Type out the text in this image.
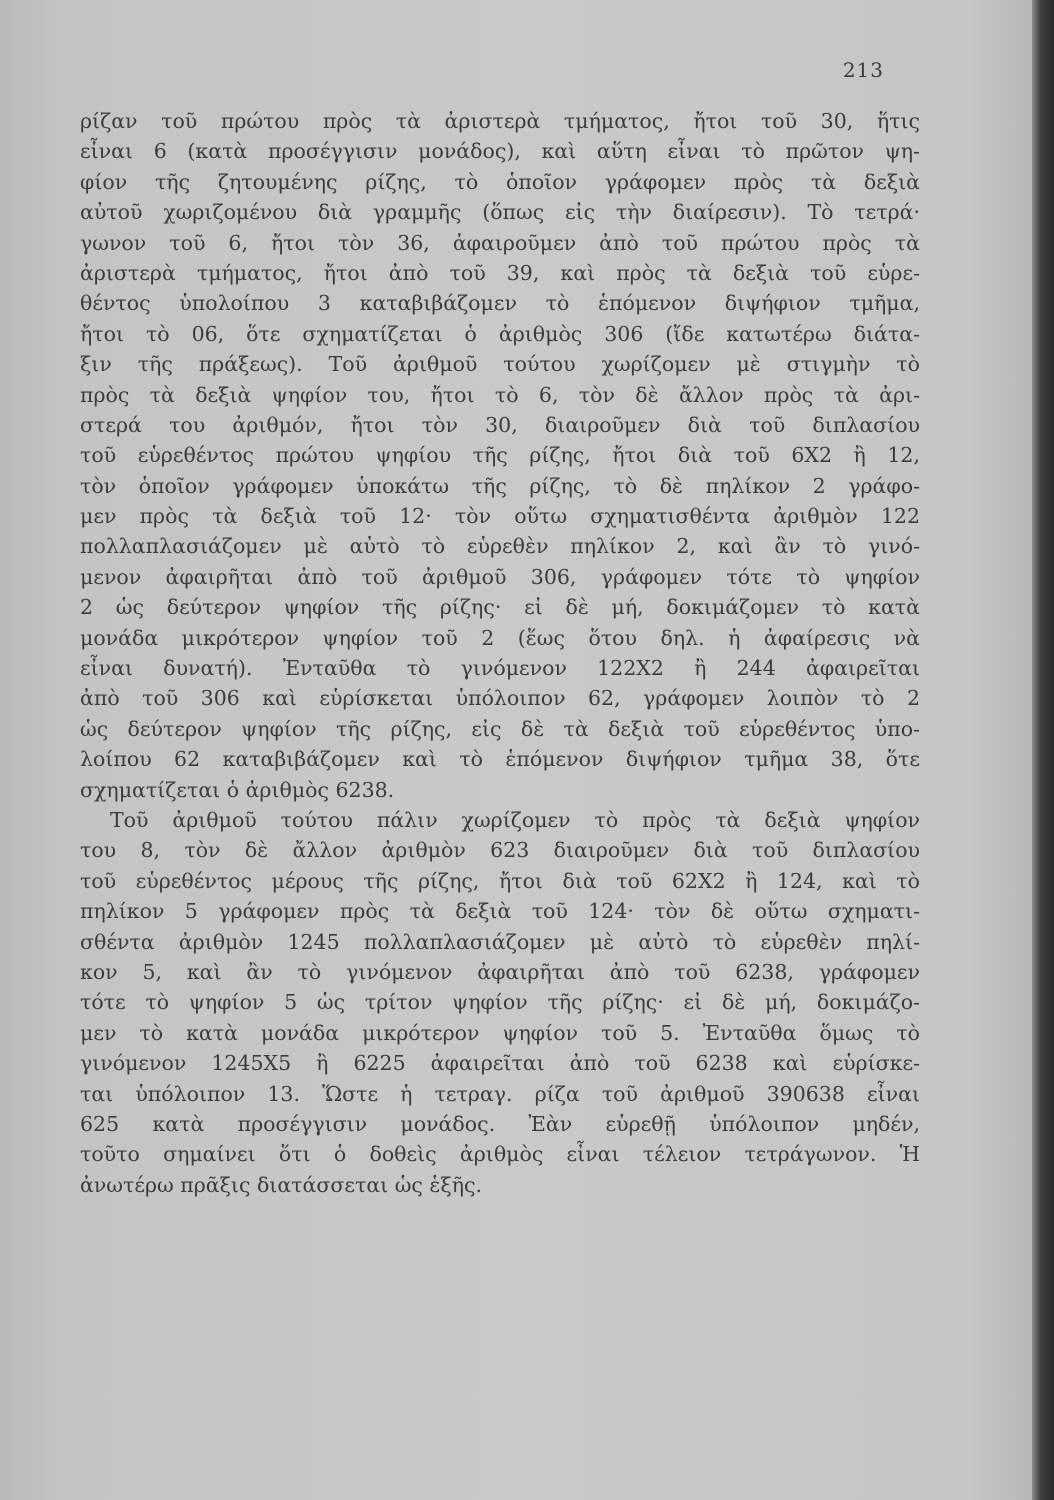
213
ρίζαν τοῦ πρώτου πρὸς τὰ ἀριστερὰ τμήματος, ἤτοι τοῦ 30, ἥτις
εἶναι 6 (κατὰ προσέγγισιν μονάδος), καὶ αὕτη εἶναι τὸ πρῶτον ψη-
φίον τῆς ζητουμένης ρίζης, τὸ ὁποῖον γράφομεν πρὸς τὰ δεξιὰ
αὐτοῦ χωριζομένου διὰ γραμμῆς (ὅπως εἰς τὴν διαίρεσιν). Τὸ τετρά·
γωνον τοῦ 6, ἤτοι τὸν 36, ἀφαιροῦμεν ἀπὸ τοῦ πρώτου πρὸς τὰ
ἀριστερὰ τμήματος, ἤτοι ἀπὸ τοῦ 39, καὶ πρὸς τὰ δεξιὰ τοῦ εὑρε-
θέντος ὑπολοίπου 3 καταβιβάζομεν τὸ ἑπόμενον διψήφιον τμῆμα,
ἤτοι τὸ 06, ὅτε σχηματίζεται ὁ ἀριθμὸς 306 (ἴδε κατωτέρω διάτα-
ξιν τῆς πράξεως). Τοῦ ἀριθμοῦ τούτου χωρίζομεν μὲ στιγμὴν τὸ
πρὸς τὰ δεξιὰ ψηφίον του, ἤτοι τὸ 6, τὸν δὲ ἄλλον πρὸς τὰ ἀρι-
στερά του ἀριθμόν, ἤτοι τὸν 30, διαιροῦμεν διὰ τοῦ διπλασίου
τοῦ εὑρεθέντος πρώτου ψηφίου τῆς ρίζης, ἤτοι διὰ τοῦ 6X2 ἢ 12,
τὸν ὁποῖον γράφομεν ὑποκάτω τῆς ρίζης, τὸ δὲ πηλίκον 2 γράφο-
μεν πρὸς τὰ δεξιὰ τοῦ 12· τὸν οὕτω σχηματισθέντα ἀριθμὸν 122
πολλαπλασιάζομεν μὲ αὐτὸ τὸ εὑρεθὲν πηλίκον 2, καὶ ἂν τὸ γινό-
μενον ἀφαιρῆται ἀπὸ τοῦ ἀριθμοῦ 306, γράφομεν τότε τὸ ψηφίον
2 ὡς δεύτερον ψηφίον τῆς ρίζης· εἰ δὲ μή, δοκιμάζομεν τὸ κατὰ
μονάδα μικρότερον ψηφίον τοῦ 2 (ἕως ὅτου δηλ. ἡ ἀφαίρεσις νὰ
εἶναι δυνατή). Ἐνταῦθα τὸ γινόμενον 122X2 ἢ 244 ἀφαιρεῖται
ἀπὸ τοῦ 306 καὶ εὑρίσκεται ὑπόλοιπον 62, γράφομεν λοιπὸν τὸ 2
ὡς δεύτερον ψηφίον τῆς ρίζης, εἰς δὲ τὰ δεξιὰ τοῦ εὑρεθέντος ὑπο-
λοίπου 62 καταβιβάζομεν καὶ τὸ ἑπόμενον διψήφιον τμῆμα 38, ὅτε
σχηματίζεται ὁ ἀριθμὸς 6238.
Τοῦ ἀριθμοῦ τούτου πάλιν χωρίζομεν τὸ πρὸς τὰ δεξιὰ ψηφίον
του 8, τὸν δὲ ἄλλον ἀριθμὸν 623 διαιροῦμεν διὰ τοῦ διπλασίου
τοῦ εὑρεθέντος μέρους τῆς ρίζης, ἤτοι διὰ τοῦ 62X2 ἢ 124, καὶ τὸ
πηλίκον 5 γράφομεν πρὸς τὰ δεξιὰ τοῦ 124· τὸν δὲ οὕτω σχηματι-
σθέντα ἀριθμὸν 1245 πολλαπλασιάζομεν μὲ αὐτὸ τὸ εὑρεθὲν πηλί-
κον 5, καὶ ἂν τὸ γινόμενον ἀφαιρῆται ἀπὸ τοῦ 6238, γράφομεν
τότε τὸ ψηφίον 5 ὡς τρίτον ψηφίον τῆς ρίζης· εἰ δὲ μή, δοκιμάζο-
μεν τὸ κατὰ μονάδα μικρότερον ψηφίον τοῦ 5. Ἐνταῦθα ὅμως τὸ
γινόμενον 1245X5 ἢ 6225 ἀφαιρεῖται ἀπὸ τοῦ 6238 καὶ εὑρίσκε-
ται ὑπόλοιπον 13. Ὥστε ἡ τετραγ. ρίζα τοῦ ἀριθμοῦ 390638 εἶναι
625 κατὰ προσέγγισιν μονάδος. Ἐὰν εὑρεθῇ ὑπόλοιπον μηδέν,
τοῦτο σημαίνει ὅτι ὁ δοθεὶς ἀριθμὸς εἶναι τέλειον τετράγωνον. Ἡ
ἀνωτέρω πρᾶξις διατάσσεται ὡς ἑξῆς.
